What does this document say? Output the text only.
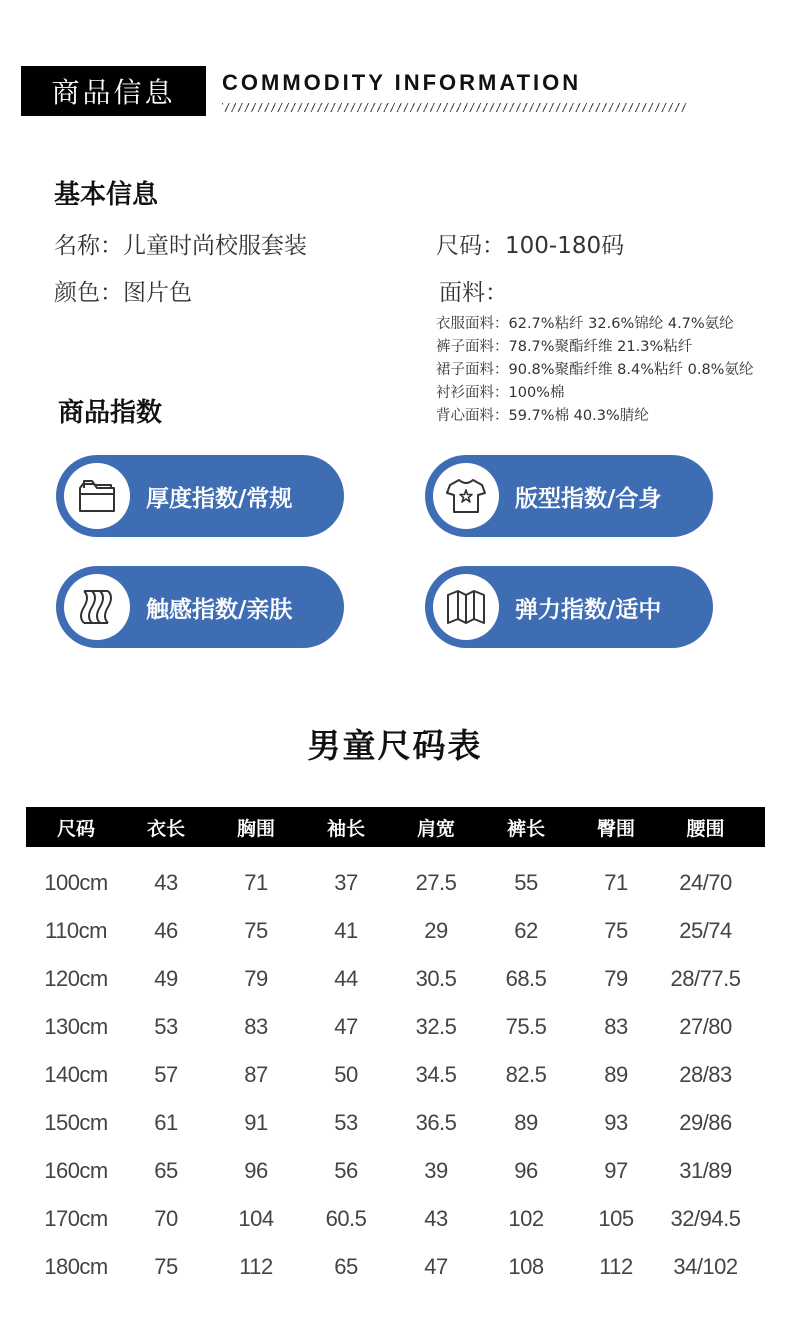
商品信息 COMMODITY INFORMATION
基本信息
名称：儿童时尚校服套装	尺码：100-180码
颜色：图片色	面料：
衣服面料：62.7%粘纤 32.6%锦纶 4.7%氨纶
裤子面料：78.7%聚酯纤维 21.3%粘纤
裙子面料：90.8%聚酯纤维 8.4%粘纤 0.8%氨纶
衬衫面料：100%棉
背心面料：59.7%棉 40.3%腈纶
商品指数
厚度指数/常规	版型指数/合身
触感指数/亲肤	弹力指数/适中
男童尺码表
尺码	衣长	胸围	袖长	肩宽	裤长	臀围	腰围
100cm	43	71	37	27.5	55	71	24/70
110cm	46	75	41	29	62	75	25/74
120cm	49	79	44	30.5	68.5	79	28/77.5
130cm	53	83	47	32.5	75.5	83	27/80
140cm	57	87	50	34.5	82.5	89	28/83
150cm	61	91	53	36.5	89	93	29/86
160cm	65	96	56	39	96	97	31/89
170cm	70	104	60.5	43	102	105	32/94.5
180cm	75	112	65	47	108	112	34/102
